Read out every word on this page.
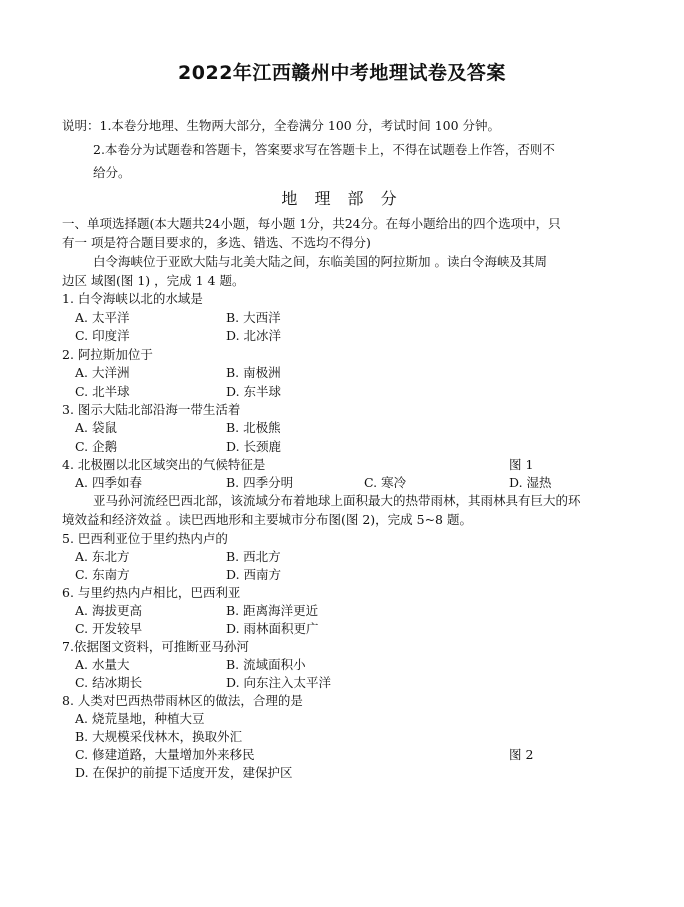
2022年江西赣州中考地理试卷及答案
说明：1.本卷分地理、生物两大部分，全卷满分 100 分，考试时间 100 分钟。
2.本卷分为试题卷和答题卡，答案要求写在答题卡上，不得在试题卷上作答，否则不
给分。
地 理 部 分
一、单项选择题(本大题共24小题，每小题 1分，共24分。在每小题给出的四个选项中，只
有一 项是符合题目要求的，多选、错选、不选均不得分)
白令海峡位于亚欧大陆与北美大陆之间，东临美国的阿拉斯加 。读白令海峡及其周
边区 域图(图 1) ，完成 1 4 题。
1. 白令海峡以北的水域是
A. 太平洋	B. 大西洋
C. 印度洋	D. 北冰洋
2. 阿拉斯加位于
A. 大洋洲	B. 南极洲
C. 北半球	D. 东半球
3. 图示大陆北部沿海一带生活着
A. 袋鼠	B. 北极熊
C. 企鹅	D. 长颈鹿
4. 北极圈以北区域突出的气候特征是	图 1
A. 四季如春	B. 四季分明	C. 寒冷	D. 湿热
亚马孙河流经巴西北部，该流域分布着地球上面积最大的热带雨林，其雨林具有巨大的环
境效益和经济效益 。读巴西地形和主要城市分布图(图 2)，完成 5~8 题。
5. 巴西利亚位于里约热内卢的
A. 东北方	B. 西北方
C. 东南方	D. 西南方
6. 与里约热内卢相比，巴西利亚
A. 海拔更高	B. 距离海洋更近
C. 开发较早	D. 雨林面积更广
7.依据图文资料，可推断亚马孙河
A. 水量大	B. 流域面积小
C. 结冰期长	D. 向东注入太平洋
8. 人类对巴西热带雨林区的做法，合理的是
A. 烧荒垦地，种植大豆
B. 大规模采伐林木，换取外汇
C. 修建道路，大量增加外来移民	图 2
D. 在保护的前提下适度开发，建保护区
